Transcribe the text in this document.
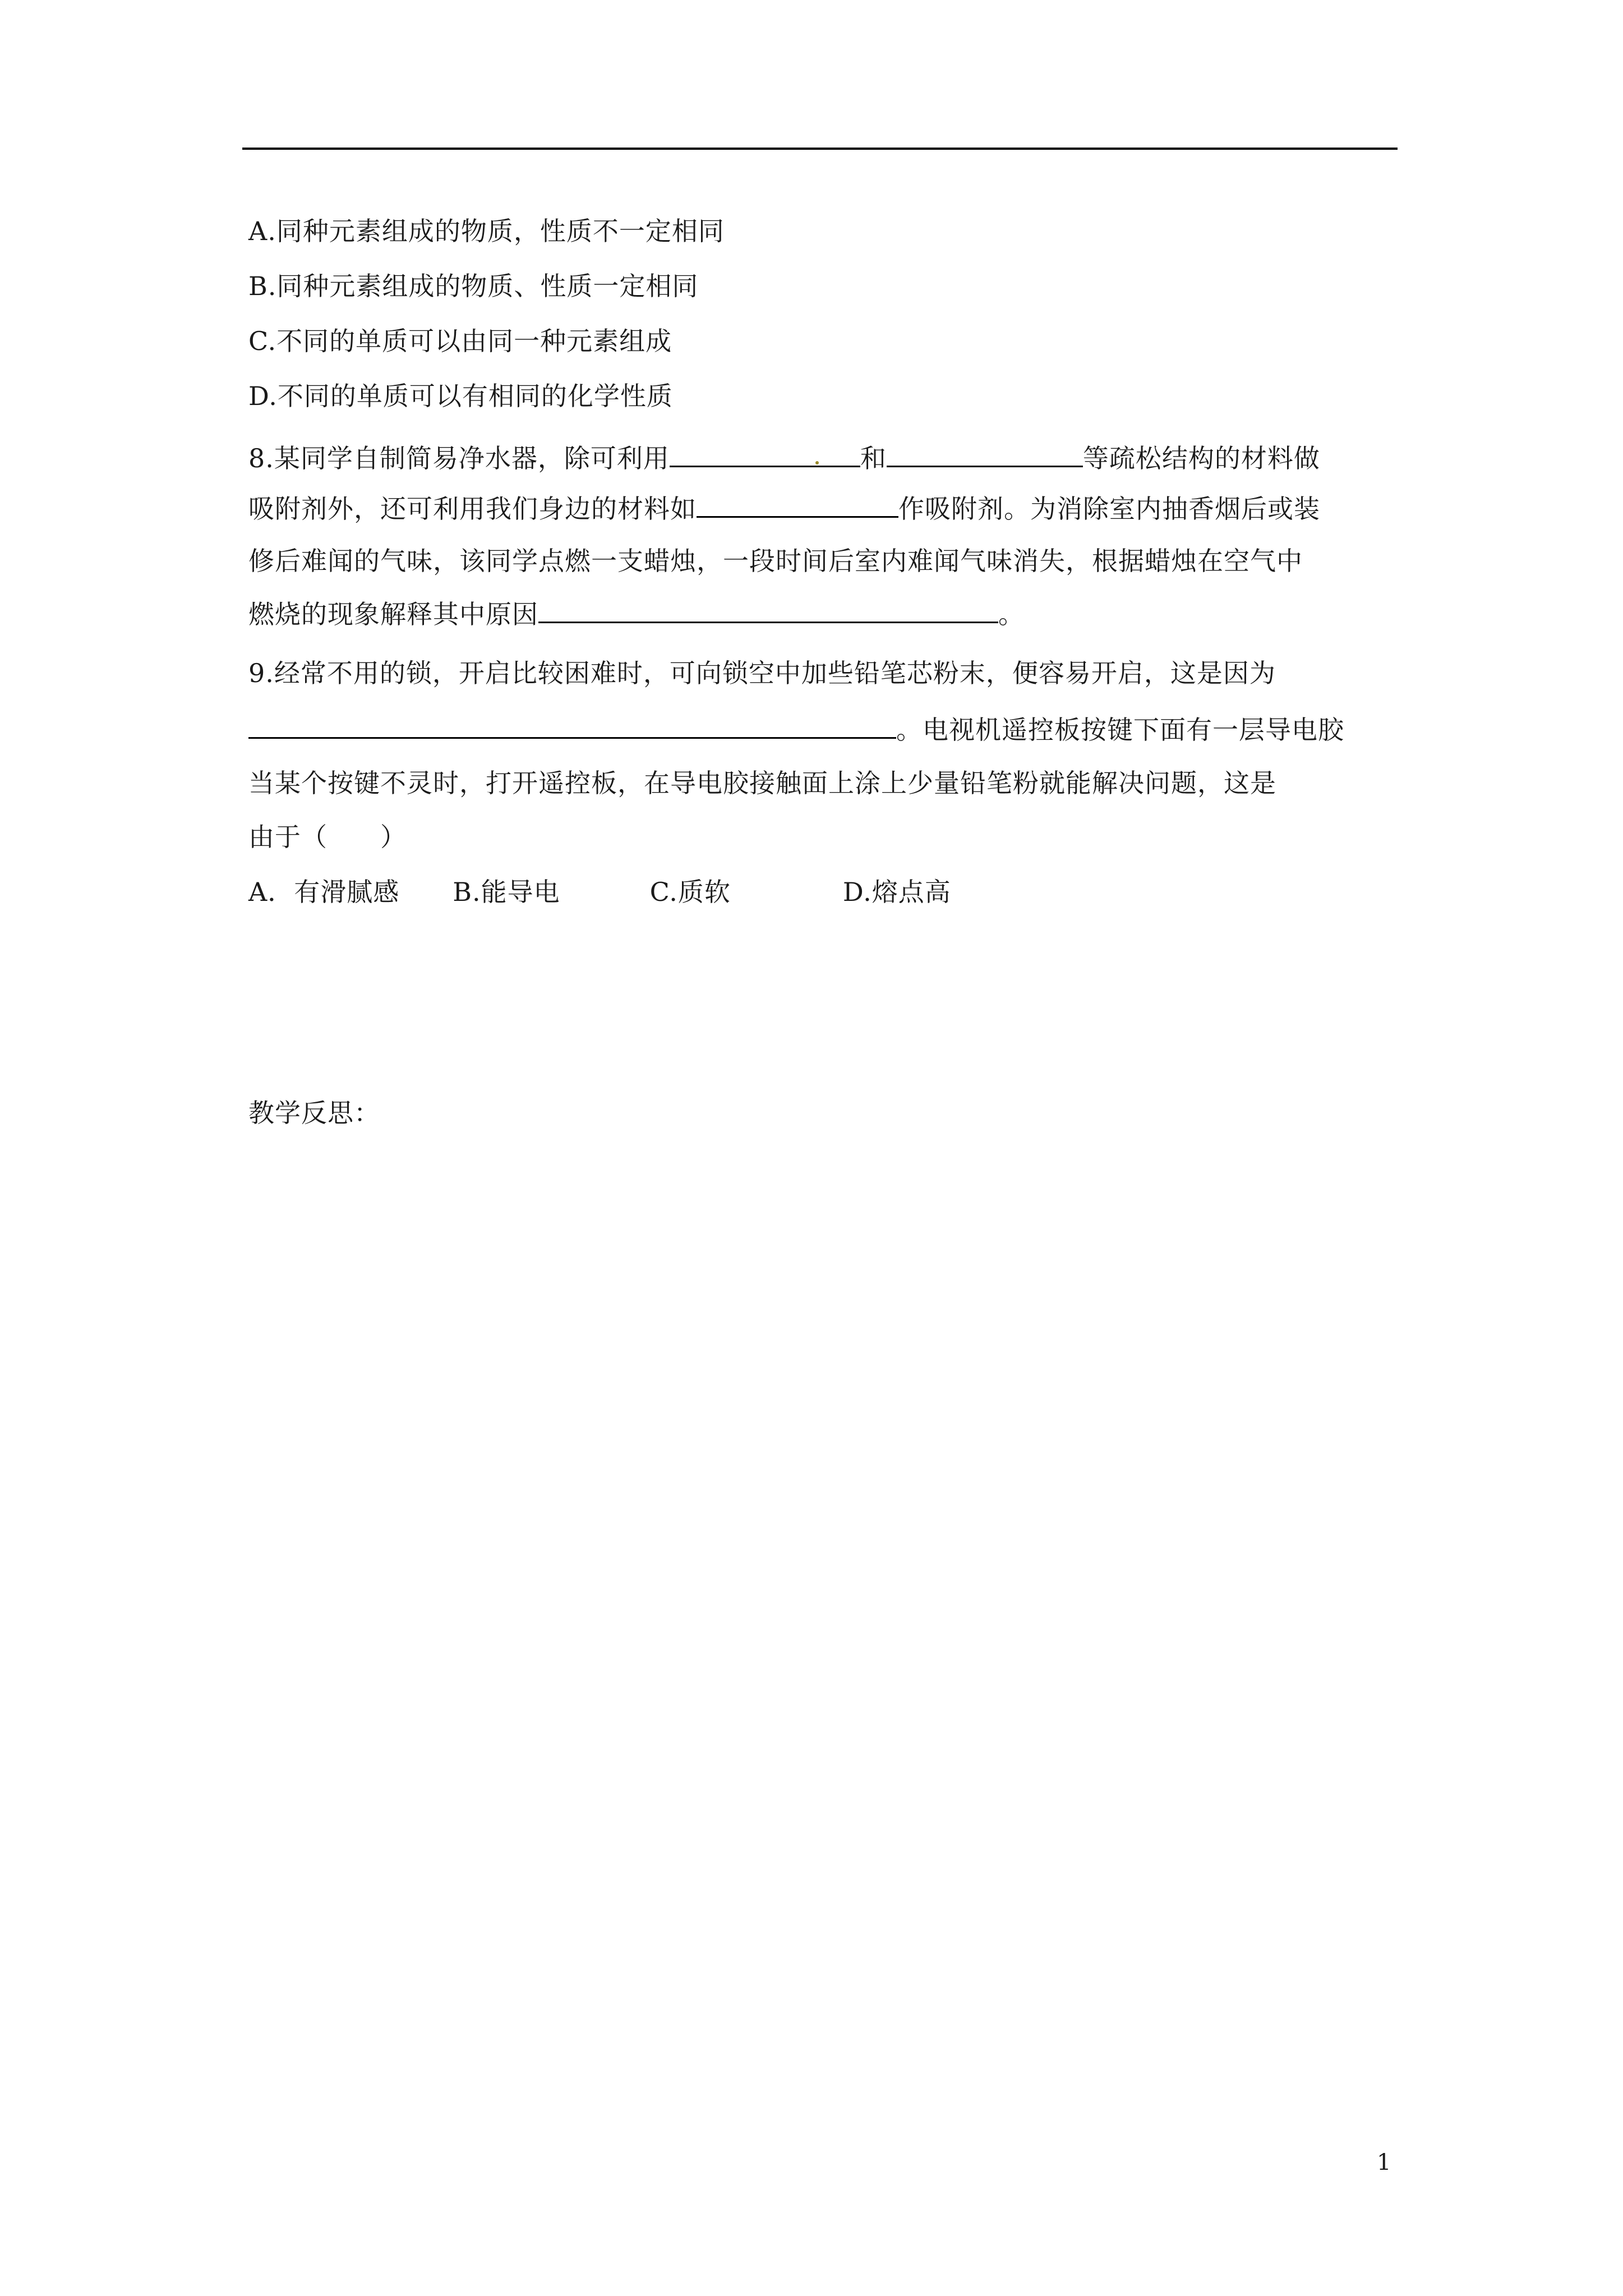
A.同种元素组成的物质，性质不一定相同
B.同种元素组成的物质、性质一定相同
C.不同的单质可以由同一种元素组成
D.不同的单质可以有相同的化学性质
8.某同学自制简易净水器，除可利用	和	等疏松结构的材料做
吸附剂外，还可利用我们身边的材料如	作吸附剂。为消除室内抽香烟后或装
修后难闻的气味，该同学点燃一支蜡烛，一段时间后室内难闻气味消失，根据蜡烛在空气中
燃烧的现象解释其中原因	。
9.经常不用的锁，开启比较困难时，可向锁空中加些铅笔芯粉末，便容易开启，这是因为
。电视机遥控板按键下面有一层导电胶
当某个按键不灵时，打开遥控板，在导电胶接触面上涂上少量铅笔粉就能解决问题，这是
由于（　　）
A．有滑腻感 B.能导电	C.质软	D.熔点高
教学反思：
1
